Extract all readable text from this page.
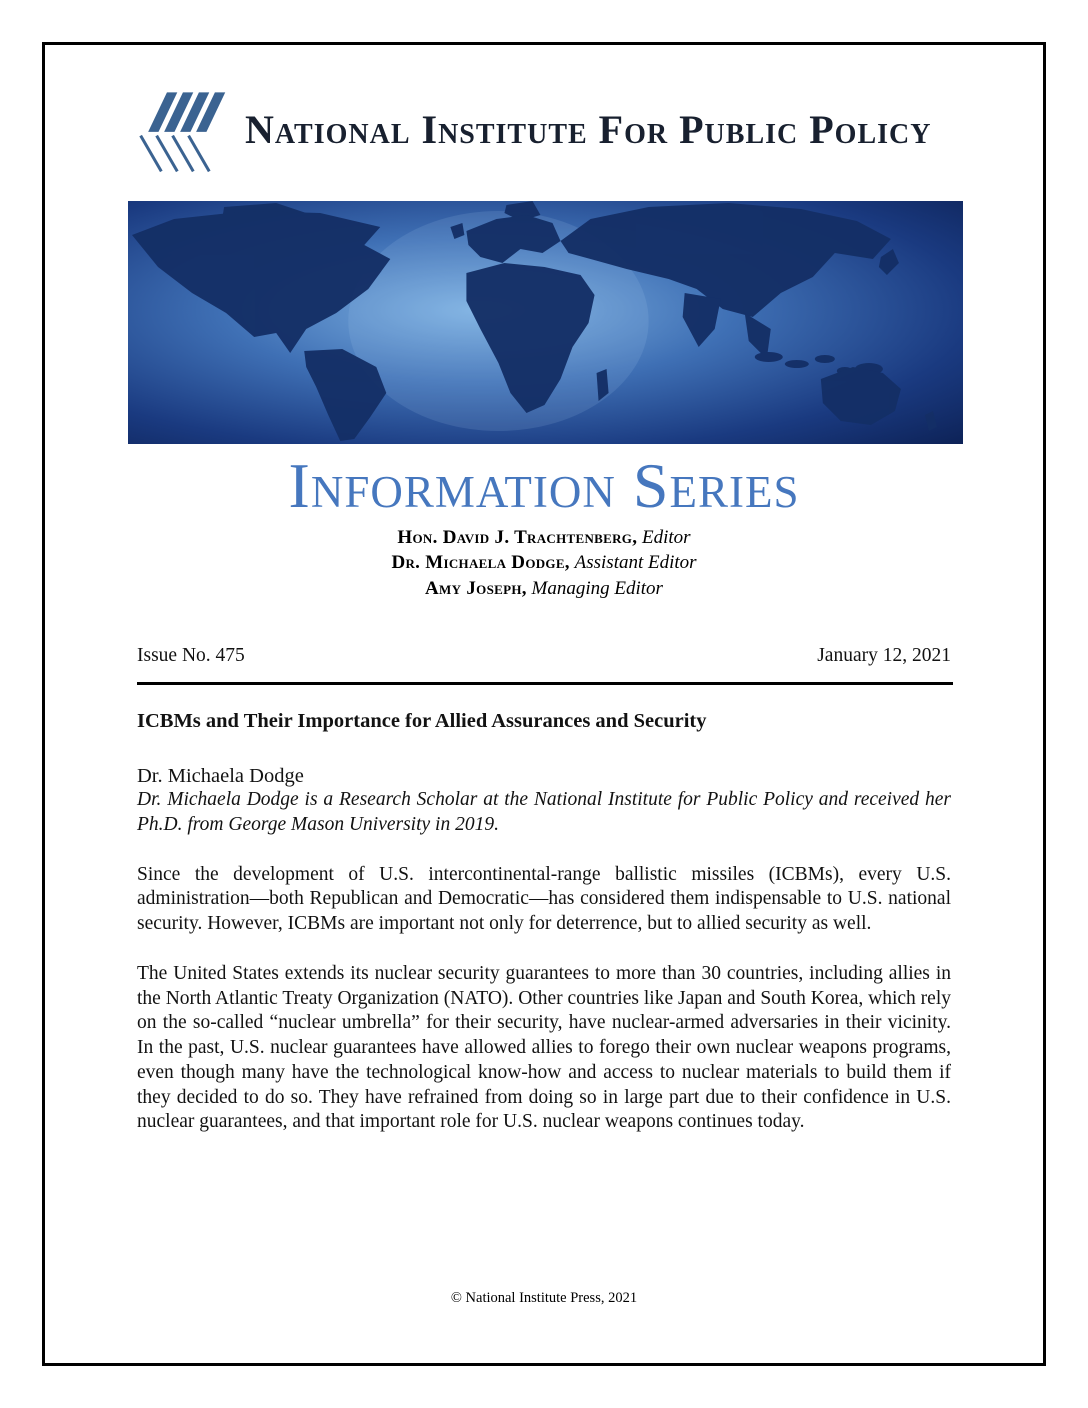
National Institute For Public Policy
Information Series
Hon. David J. Trachtenberg, Editor
Dr. Michaela Dodge, Assistant Editor
Amy Joseph, Managing Editor
Issue No. 475	January 12, 2021
ICBMs and Their Importance for Allied Assurances and Security
Dr. Michaela Dodge
Dr. Michaela Dodge is a Research Scholar at the National Institute for Public Policy and received her Ph.D. from George Mason University in 2019.

Since the development of U.S. intercontinental-range ballistic missiles (ICBMs), every U.S. administration—both Republican and Democratic—has considered them indispensable to U.S. national security. However, ICBMs are important not only for deterrence, but to allied security as well.

The United States extends its nuclear security guarantees to more than 30 countries, including allies in the North Atlantic Treaty Organization (NATO). Other countries like Japan and South Korea, which rely on the so-called “nuclear umbrella” for their security, have nuclear-armed adversaries in their vicinity. In the past, U.S. nuclear guarantees have allowed allies to forego their own nuclear weapons programs, even though many have the technological know-how and access to nuclear materials to build them if they decided to do so. They have refrained from doing so in large part due to their confidence in U.S. nuclear guarantees, and that important role for U.S. nuclear weapons continues today.

© National Institute Press, 2021
